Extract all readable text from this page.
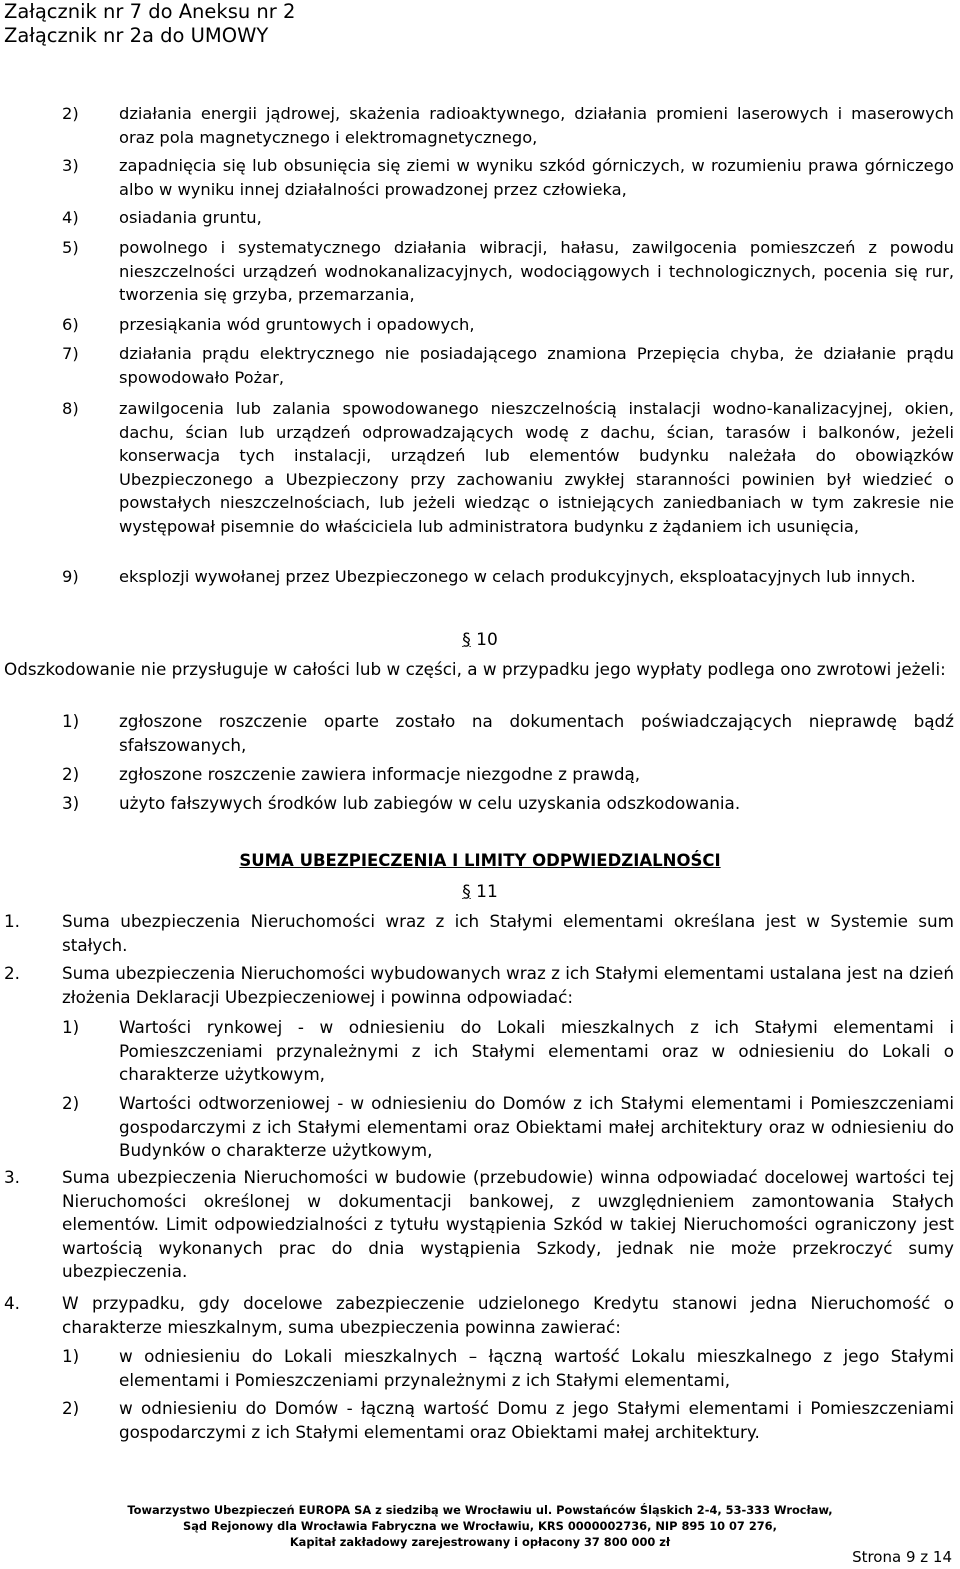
Załącznik nr 7 do Aneksu nr 2
Załącznik nr 2a do UMOWY
2) działania energii jądrowej, skażenia radioaktywnego, działania promieni laserowych i maserowych oraz pola magnetycznego i elektromagnetycznego,
3) zapadnięcia się lub obsunięcia się ziemi w wyniku szkód górniczych, w rozumieniu prawa górniczego albo w wyniku innej działalności prowadzonej przez człowieka,
4) osiadania gruntu,
5) powolnego i systematycznego działania wibracji, hałasu, zawilgocenia pomieszczeń z powodu nieszczelności urządzeń wodnokanalizacyjnych, wodociągowych i technologicznych, pocenia się rur, tworzenia się grzyba, przemarzania,
6) przesiąkania wód gruntowych i opadowych,
7) działania prądu elektrycznego nie posiadającego znamiona Przepięcia chyba, że działanie prądu spowodowało Pożar,
8) zawilgocenia lub zalania spowodowanego nieszczelnością instalacji wodno-kanalizacyjnej, okien, dachu, ścian lub urządzeń odprowadzających wodę z dachu, ścian, tarasów i balkonów, jeżeli konserwacja tych instalacji, urządzeń lub elementów budynku należała do obowiązków Ubezpieczonego a Ubezpieczony przy zachowaniu zwykłej staranności powinien był wiedzieć o powstałych nieszczelnościach, lub jeżeli wiedząc o istniejących zaniedbaniach w tym zakresie nie występował pisemnie do właściciela lub administratora budynku z żądaniem ich usunięcia,
9) eksplozji wywołanej przez Ubezpieczonego w celach produkcyjnych, eksploatacyjnych lub innych.
§ 10
Odszkodowanie nie przysługuje w całości lub w części, a w przypadku jego wypłaty podlega ono zwrotowi jeżeli:
1) zgłoszone roszczenie oparte zostało na dokumentach poświadczających nieprawdę bądź sfałszowanych,
2) zgłoszone roszczenie zawiera informacje niezgodne z prawdą,
3) użyto fałszywych środków lub zabiegów w celu uzyskania odszkodowania.
SUMA UBEZPIECZENIA I LIMITY ODPWIEDZIALNOŚCI
§ 11
1. Suma ubezpieczenia Nieruchomości wraz z ich Stałymi elementami określana jest w Systemie sum stałych.
2. Suma ubezpieczenia Nieruchomości wybudowanych wraz z ich Stałymi elementami ustalana jest na dzień złożenia Deklaracji Ubezpieczeniowej i powinna odpowiadać:
1) Wartości rynkowej - w odniesieniu do Lokali mieszkalnych z ich Stałymi elementami i Pomieszczeniami przynależnymi z ich Stałymi elementami oraz w odniesieniu do Lokali o charakterze użytkowym,
2) Wartości odtworzeniowej - w odniesieniu do Domów z ich Stałymi elementami i Pomieszczeniami gospodarczymi z ich Stałymi elementami oraz Obiektami małej architektury oraz w odniesieniu do Budynków o charakterze użytkowym,
3. Suma ubezpieczenia Nieruchomości w budowie (przebudowie) winna odpowiadać docelowej wartości tej Nieruchomości określonej w dokumentacji bankowej, z uwzględnieniem zamontowania Stałych elementów. Limit odpowiedzialności z tytułu wystąpienia Szkód w takiej Nieruchomości ograniczony jest wartością wykonanych prac do dnia wystąpienia Szkody, jednak nie może przekroczyć sumy ubezpieczenia.
4. W przypadku, gdy docelowe zabezpieczenie udzielonego Kredytu stanowi jedna Nieruchomość o charakterze mieszkalnym, suma ubezpieczenia powinna zawierać:
1) w odniesieniu do Lokali mieszkalnych – łączną wartość Lokalu mieszkalnego z jego Stałymi elementami i Pomieszczeniami przynależnymi z ich Stałymi elementami,
2) w odniesieniu do Domów - łączną wartość Domu z jego Stałymi elementami i Pomieszczeniami gospodarczymi z ich Stałymi elementami oraz Obiektami małej architektury.
Towarzystwo Ubezpieczeń EUROPA SA z siedzibą we Wrocławiu ul. Powstańców Śląskich 2-4, 53-333 Wrocław,
Sąd Rejonowy dla Wrocławia Fabryczna we Wrocławiu, KRS 0000002736, NIP 895 10 07 276,
Kapitał zakładowy zarejestrowany i opłacony 37 800 000 zł
Strona 9 z 14
